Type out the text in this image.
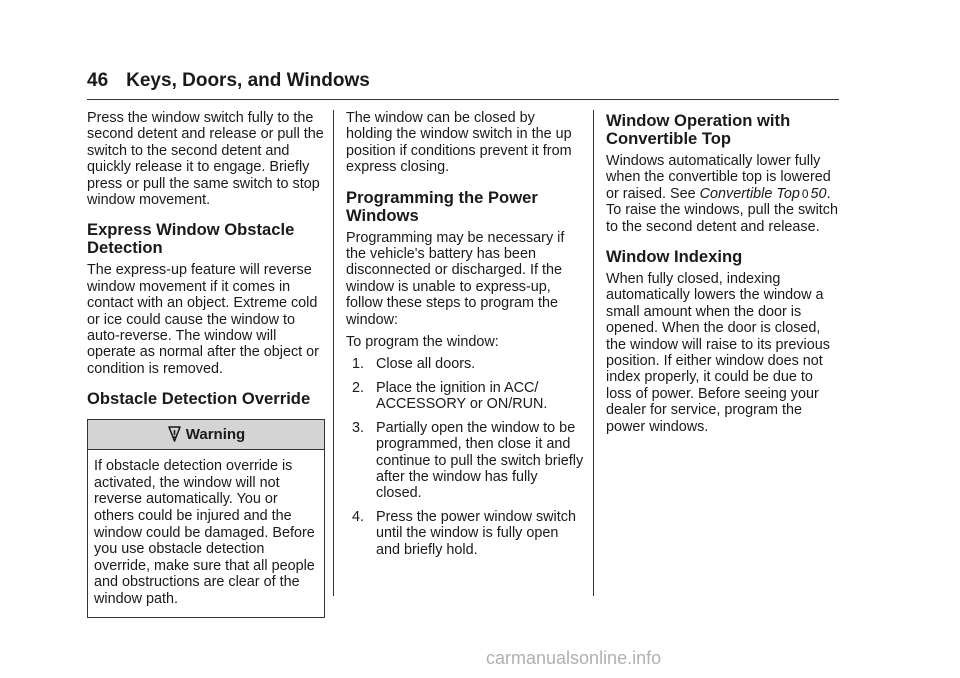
46 Keys, Doors, and Windows

Press the window switch fully to the second detent and release or pull the switch to the second detent and quickly release it to engage. Briefly press or pull the same switch to stop window movement.

Express Window Obstacle Detection

The express-up feature will reverse window movement if it comes in contact with an object. Extreme cold or ice could cause the window to auto-reverse. The window will operate as normal after the object or condition is removed.

Obstacle Detection Override
Warning
If obstacle detection override is activated, the window will not reverse automatically. You or others could be injured and the window could be damaged. Before you use obstacle detection override, make sure that all people and obstructions are clear of the window path.

The window can be closed by holding the window switch in the up position if conditions prevent it from express closing.

Programming the Power Windows

Programming may be necessary if the vehicle's battery has been disconnected or discharged. If the window is unable to express-up, follow these steps to program the window:

To program the window:

1. Close all doors.
2. Place the ignition in ACC/ ACCESSORY or ON/RUN.
3. Partially open the window to be programmed, then close it and continue to pull the switch briefly after the window has fully closed.
4. Press the power window switch until the window is fully open and briefly hold.
Window Operation with Convertible Top

Windows automatically lower fully when the convertible top is lowered or raised. See Convertible Top 0 50. To raise the windows, pull the switch to the second detent and release.

Window Indexing

When fully closed, indexing automatically lowers the window a small amount when the door is opened. When the door is closed, the window will raise to its previous position. If either window does not index properly, it could be due to loss of power. Before seeing your dealer for service, program the power windows.

carmanualsonline.info
